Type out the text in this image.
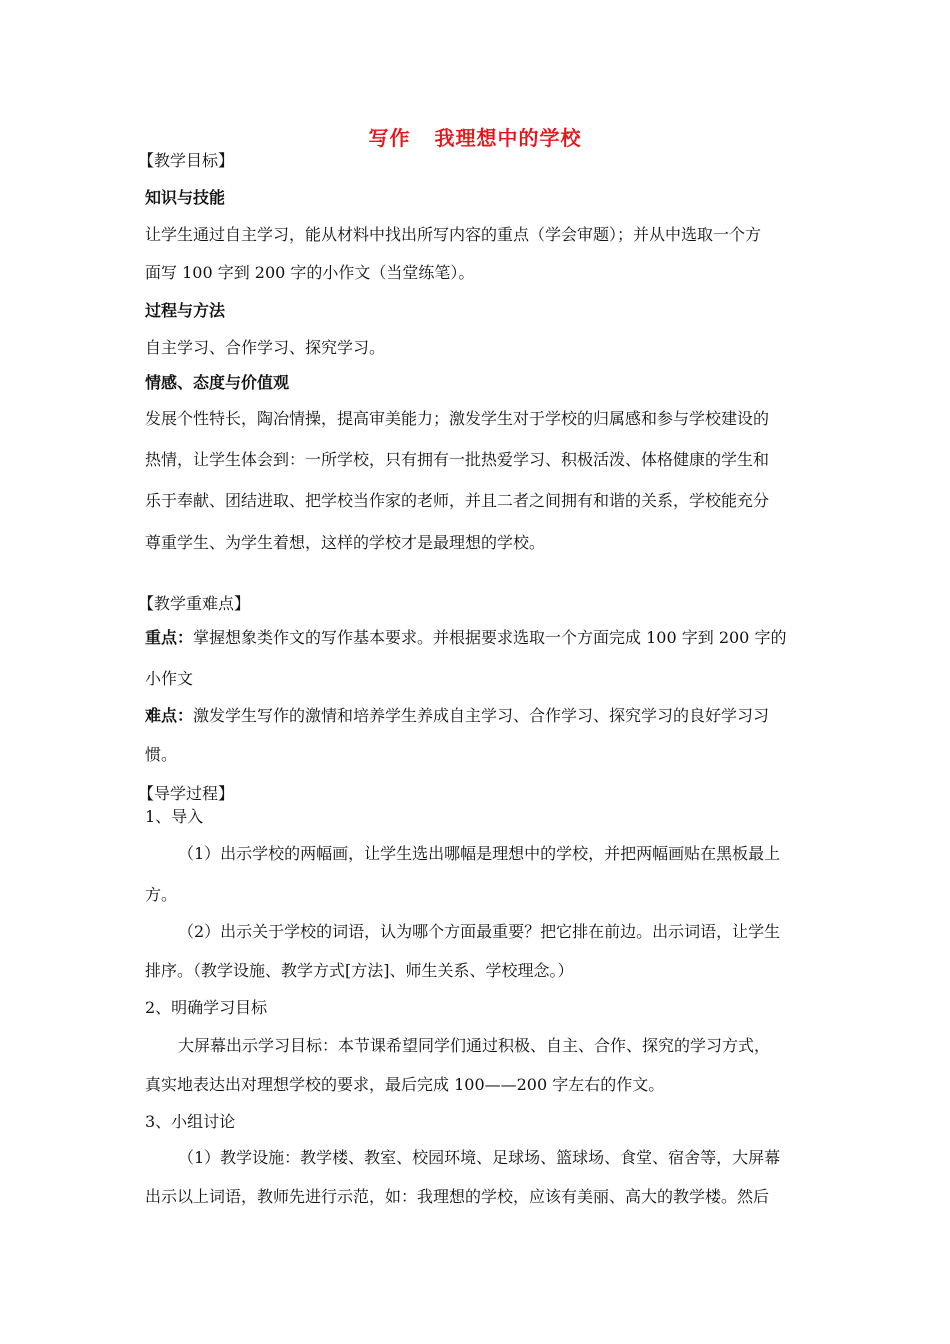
写作 我理想中的学校
【教学目标】
知识与技能
让学生通过自主学习，能从材料中找出所写内容的重点（学会审题）；并从中选取一个方
面写 100 字到 200 字的小作文（当堂练笔）。
过程与方法
自主学习、合作学习、探究学习。
情感、态度与价值观
发展个性特长，陶冶情操，提高审美能力；激发学生对于学校的归属感和参与学校建设的
热情，让学生体会到：一所学校，只有拥有一批热爱学习、积极活泼、体格健康的学生和
乐于奉献、团结进取、把学校当作家的老师，并且二者之间拥有和谐的关系，学校能充分
尊重学生、为学生着想，这样的学校才是最理想的学校。
【教学重难点】
重点：掌握想象类作文的写作基本要求。并根据要求选取一个方面完成 100 字到 200 字的
小作文
难点：激发学生写作的激情和培养学生养成自主学习、合作学习、探究学习的良好学习习
惯。
【导学过程】
1、导入
（1）出示学校的两幅画，让学生选出哪幅是理想中的学校，并把两幅画贴在黑板最上
方。
（2）出示关于学校的词语，认为哪个方面最重要？把它排在前边。出示词语，让学生
排序。（教学设施、教学方式[方法]、师生关系、学校理念。）
2、明确学习目标
大屏幕出示学习目标：本节课希望同学们通过积极、自主、合作、探究的学习方式，
真实地表达出对理想学校的要求，最后完成 100——200 字左右的作文。
3、小组讨论
（1）教学设施：教学楼、教室、校园环境、足球场、篮球场、食堂、宿舍等，大屏幕
出示以上词语，教师先进行示范，如：我理想的学校，应该有美丽、高大的教学楼。然后
